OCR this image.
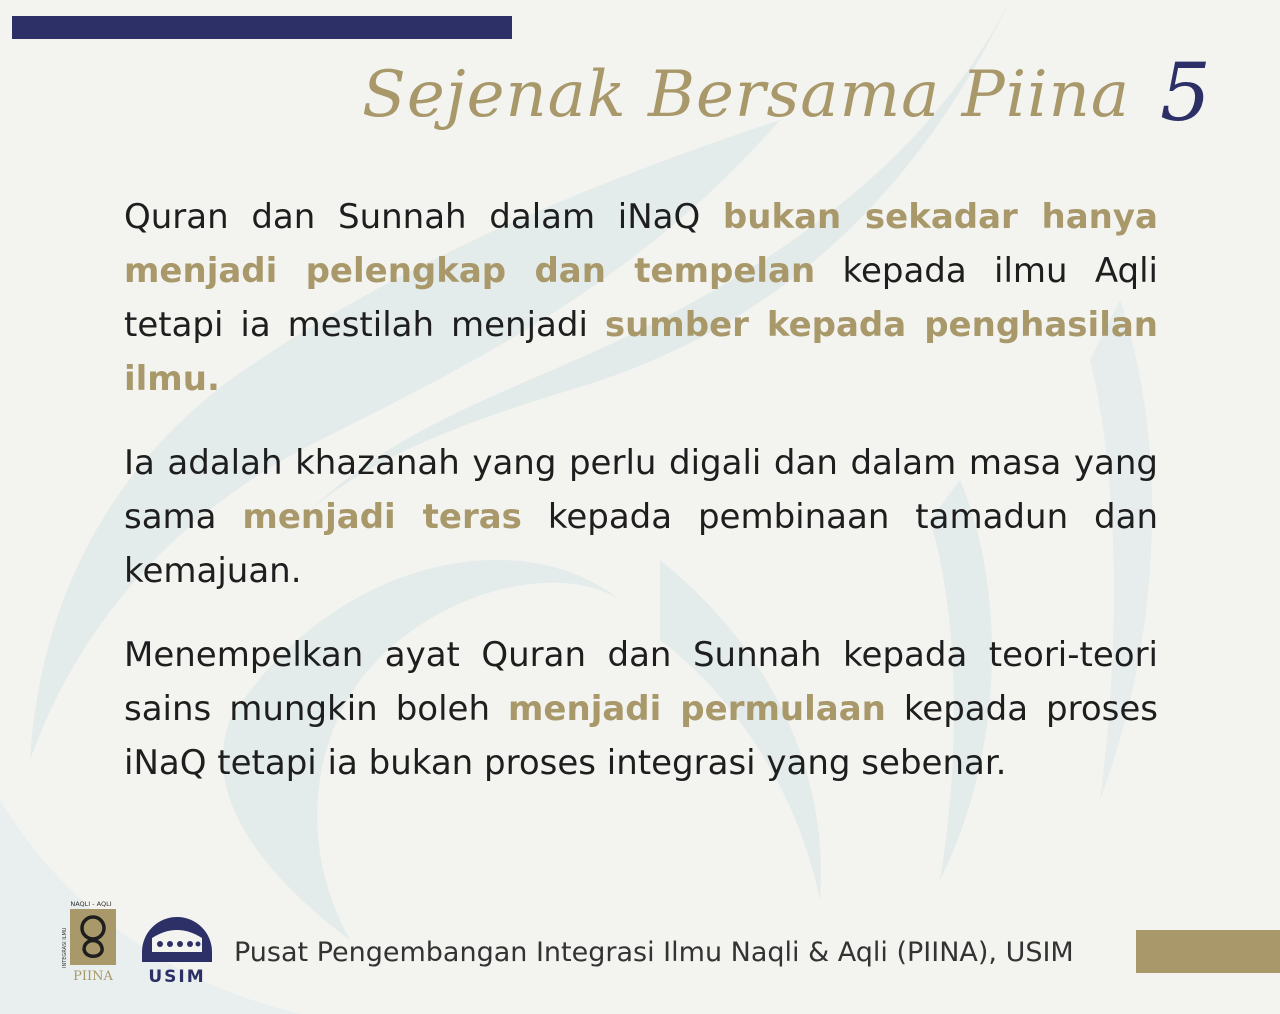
Sejenak Bersama Piina 5

Quran dan Sunnah dalam iNaQ bukan sekadar hanya menjadi pelengkap dan tempelan kepada ilmu Aqli tetapi ia mestilah menjadi sumber kepada penghasilan ilmu.

Ia adalah khazanah yang perlu digali dan dalam masa yang sama menjadi teras kepada pembinaan tamadun dan kemajuan.

Menempelkan ayat Quran dan Sunnah kepada teori-teori sains mungkin boleh menjadi permulaan kepada proses iNaQ tetapi ia bukan proses integrasi yang sebenar.

NAQLI - AQLI
INTEGRASI ILMU
PIINA USIM
Pusat Pengembangan Integrasi Ilmu Naqli & Aqli (PIINA), USIM
